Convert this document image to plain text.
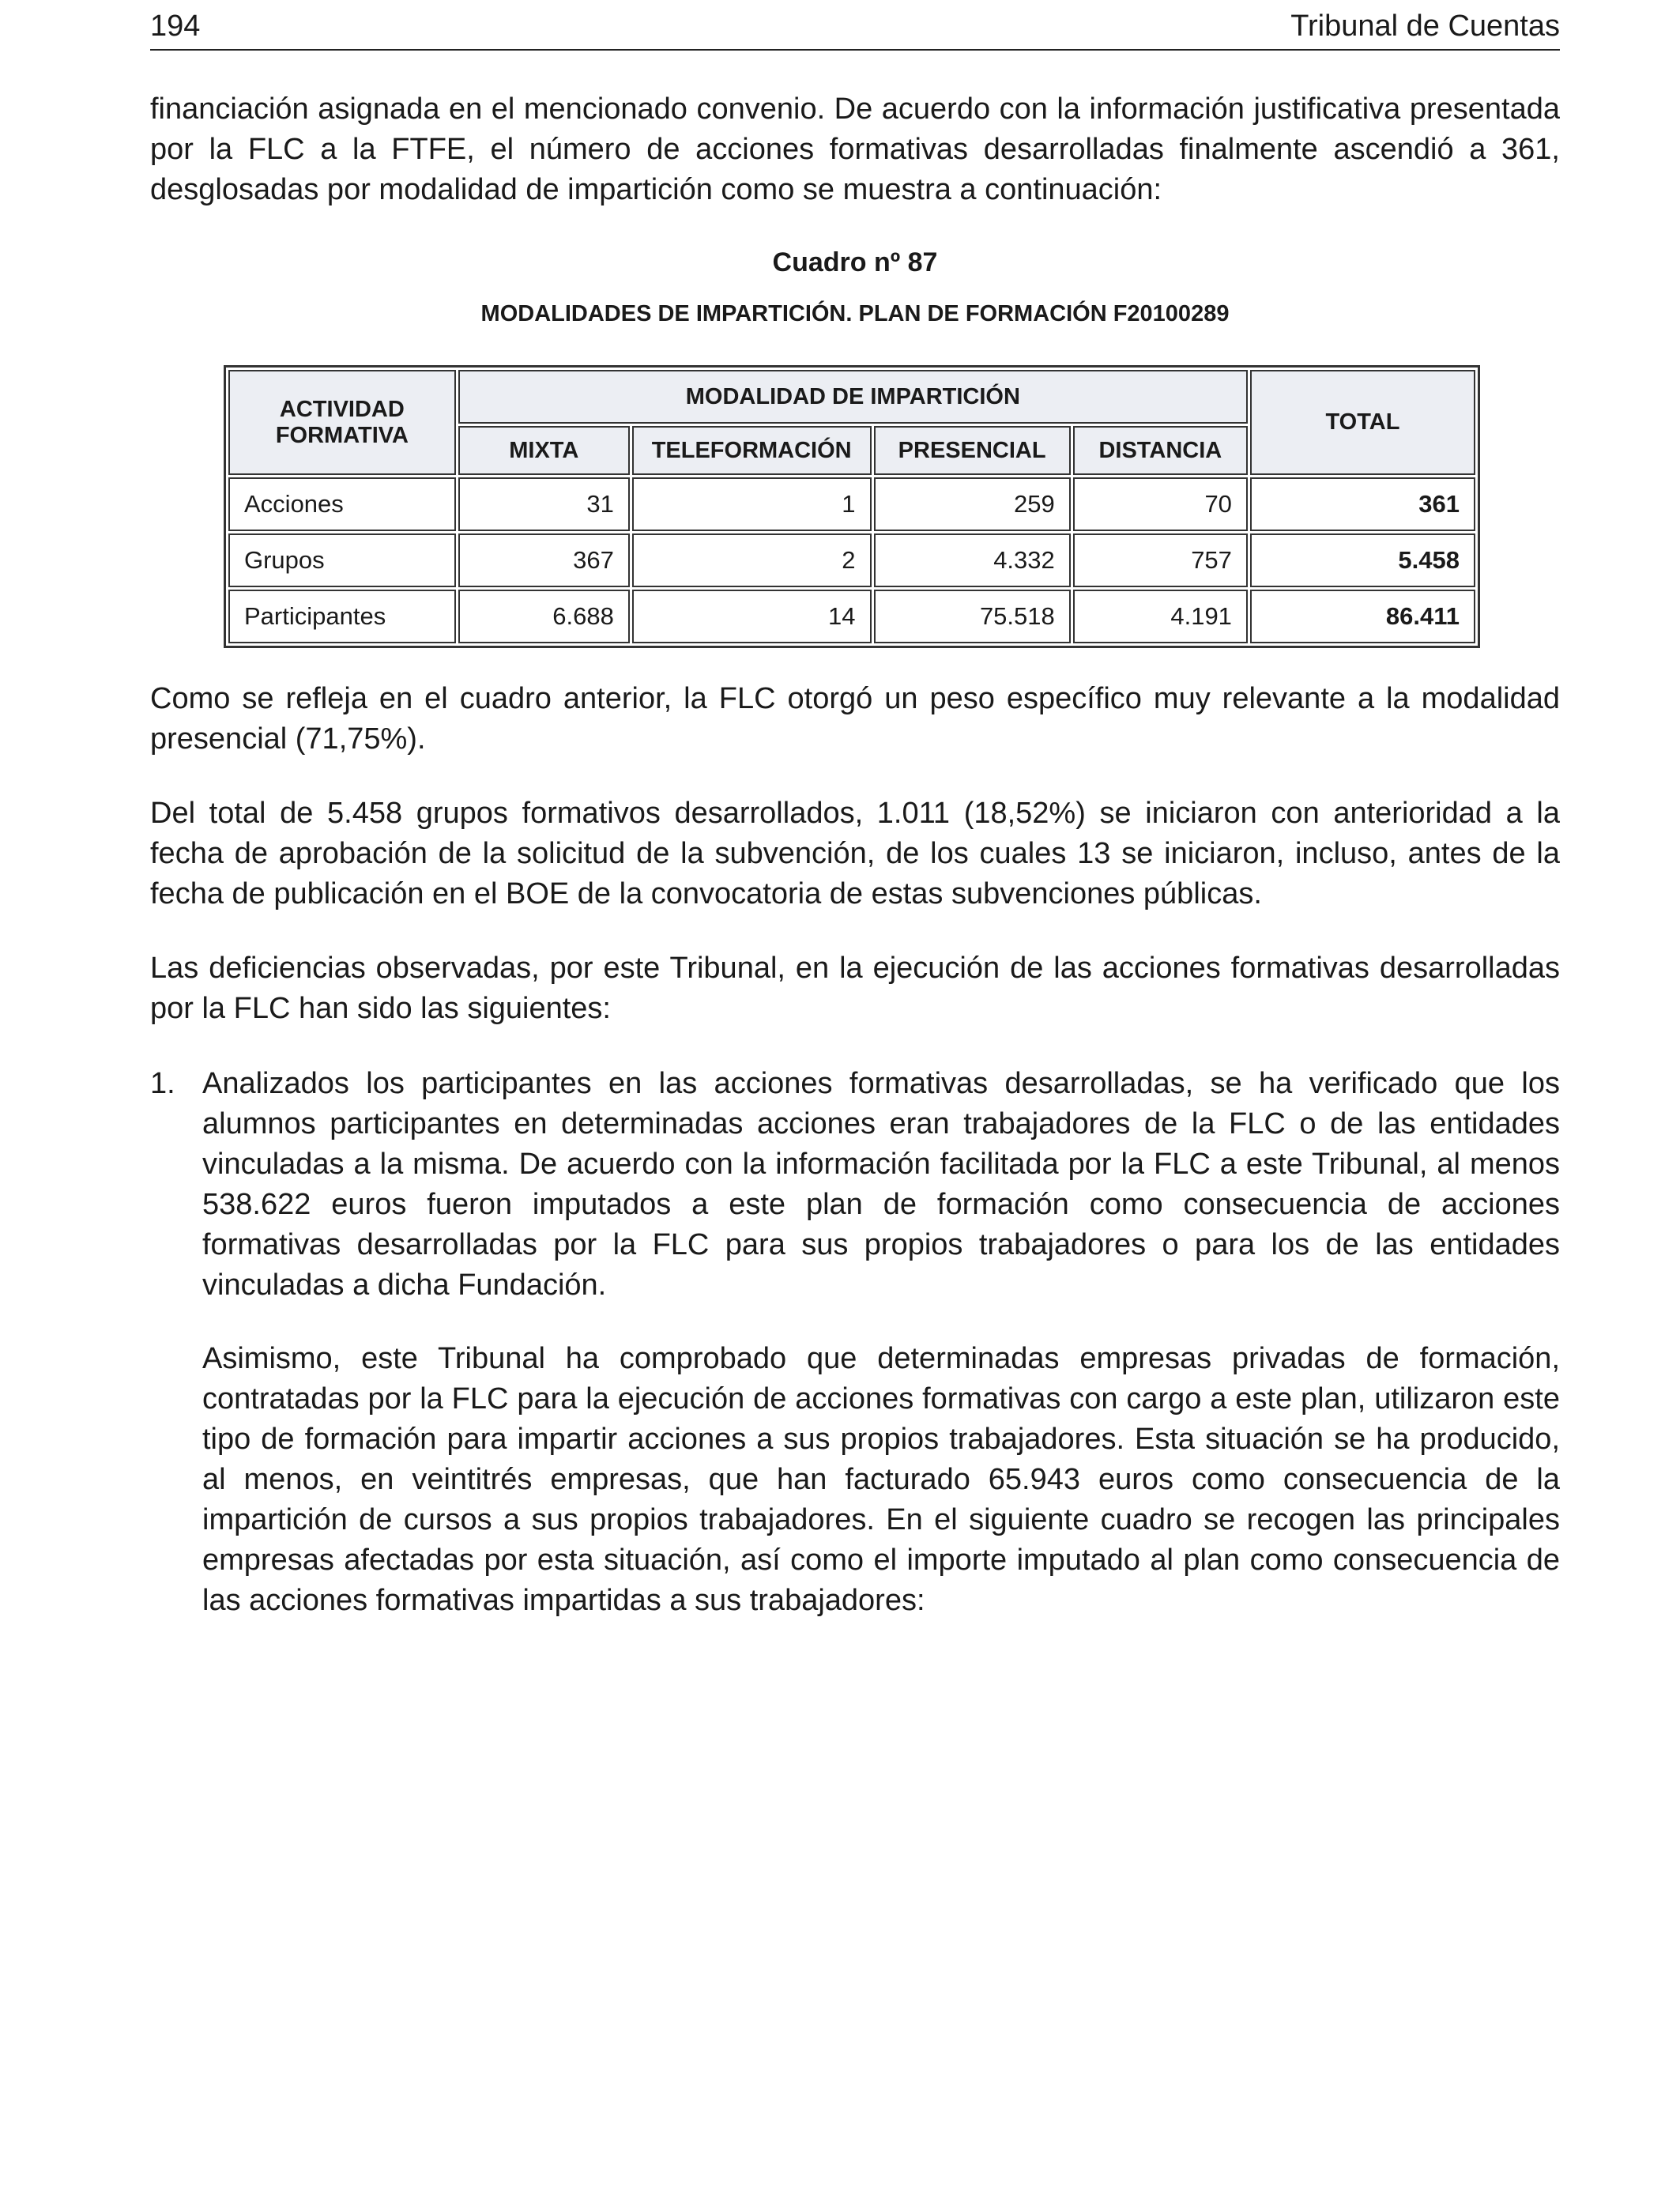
194	Tribunal de Cuentas

financiación asignada en el mencionado convenio. De acuerdo con la información justificativa presentada por la FLC a la FTFE, el número de acciones formativas desarrolladas finalmente ascendió a 361, desglosadas por modalidad de impartición como se muestra a continuación:

Cuadro nº 87

MODALIDADES DE IMPARTICIÓN. PLAN DE FORMACIÓN F20100289

ACTIVIDAD FORMATIVA	MODALIDAD DE IMPARTICIÓN				TOTAL
	MIXTA	TELEFORMACIÓN	PRESENCIAL	DISTANCIA	
Acciones	31	1	259	70	361
Grupos	367	2	4.332	757	5.458
Participantes	6.688	14	75.518	4.191	86.411

Como se refleja en el cuadro anterior, la FLC otorgó un peso específico muy relevante a la modalidad presencial (71,75%).

Del total de 5.458 grupos formativos desarrollados, 1.011 (18,52%) se iniciaron con anterioridad a la fecha de aprobación de la solicitud de la subvención, de los cuales 13 se iniciaron, incluso, antes de la fecha de publicación en el BOE de la convocatoria de estas subvenciones públicas.

Las deficiencias observadas, por este Tribunal, en la ejecución de las acciones formativas desarrolladas por la FLC han sido las siguientes:

1. Analizados los participantes en las acciones formativas desarrolladas, se ha verificado que los alumnos participantes en determinadas acciones eran trabajadores de la FLC o de las entidades vinculadas a la misma. De acuerdo con la información facilitada por la FLC a este Tribunal, al menos 538.622 euros fueron imputados a este plan de formación como consecuencia de acciones formativas desarrolladas por la FLC para sus propios trabajadores o para los de las entidades vinculadas a dicha Fundación.

Asimismo, este Tribunal ha comprobado que determinadas empresas privadas de formación, contratadas por la FLC para la ejecución de acciones formativas con cargo a este plan, utilizaron este tipo de formación para impartir acciones a sus propios trabajadores. Esta situación se ha producido, al menos, en veintitrés empresas, que han facturado 65.943 euros como consecuencia de la impartición de cursos a sus propios trabajadores. En el siguiente cuadro se recogen las principales empresas afectadas por esta situación, así como el importe imputado al plan como consecuencia de las acciones formativas impartidas a sus trabajadores:
